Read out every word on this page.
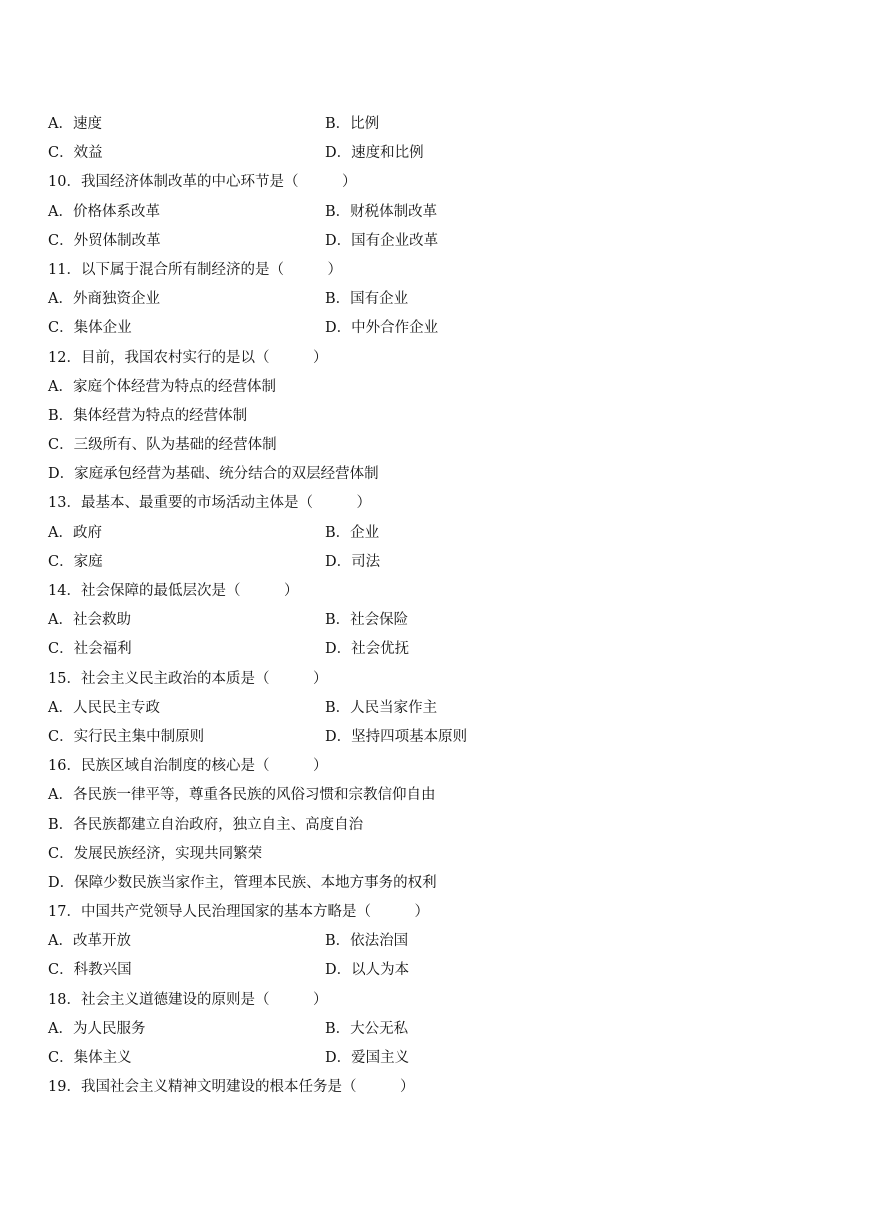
A．速度	B．比例
C．效益	D．速度和比例
10．我国经济体制改革的中心环节是（　　　）
A．价格体系改革	B．财税体制改革
C．外贸体制改革	D．国有企业改革
11．以下属于混合所有制经济的是（　　　）
A．外商独资企业	B．国有企业
C．集体企业	D．中外合作企业
12．目前，我国农村实行的是以（　　　）
A．家庭个体经营为特点的经营体制
B．集体经营为特点的经营体制
C．三级所有、队为基础的经营体制
D．家庭承包经营为基础、统分结合的双层经营体制
13．最基本、最重要的市场活动主体是（　　　）
A．政府	B．企业
C．家庭	D．司法
14．社会保障的最低层次是（　　　）
A．社会救助	B．社会保险
C．社会福利	D．社会优抚
15．社会主义民主政治的本质是（　　　）
A．人民民主专政	B．人民当家作主
C．实行民主集中制原则	D．坚持四项基本原则
16．民族区域自治制度的核心是（　　　）
A．各民族一律平等，尊重各民族的风俗习惯和宗教信仰自由
B．各民族都建立自治政府，独立自主、高度自治
C．发展民族经济，实现共同繁荣
D．保障少数民族当家作主，管理本民族、本地方事务的权利
17．中国共产党领导人民治理国家的基本方略是（　　　）
A．改革开放	B．依法治国
C．科教兴国	D．以人为本
18．社会主义道德建设的原则是（　　　）
A．为人民服务	B．大公无私
C．集体主义	D．爱国主义
19．我国社会主义精神文明建设的根本任务是（　　　）
